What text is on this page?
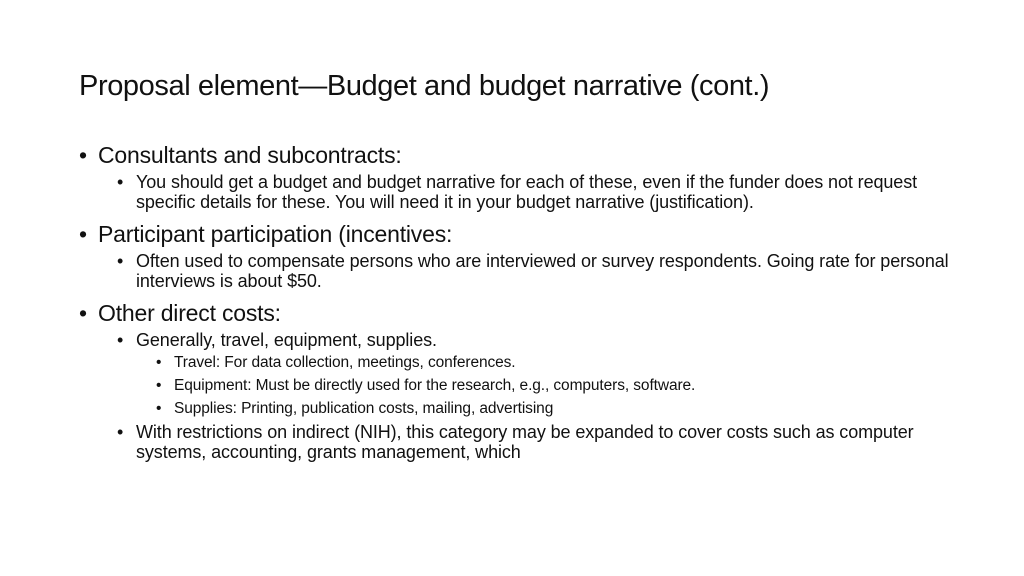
Proposal element—Budget and budget narrative (cont.)
• Consultants and subcontracts:
• You should get a budget and budget narrative for each of these, even if the funder does not request specific details for these. You will need it in your budget narrative (justification).
• Participant participation (incentives:
• Often used to compensate persons who are interviewed or survey respondents. Going rate for personal interviews is about $50.
• Other direct costs:
• Generally, travel, equipment, supplies.
• Travel: For data collection, meetings, conferences.
• Equipment: Must be directly used for the research, e.g., computers, software.
• Supplies: Printing, publication costs, mailing, advertising
• With restrictions on indirect (NIH), this category may be expanded to cover costs such as computer systems, accounting, grants management, which
